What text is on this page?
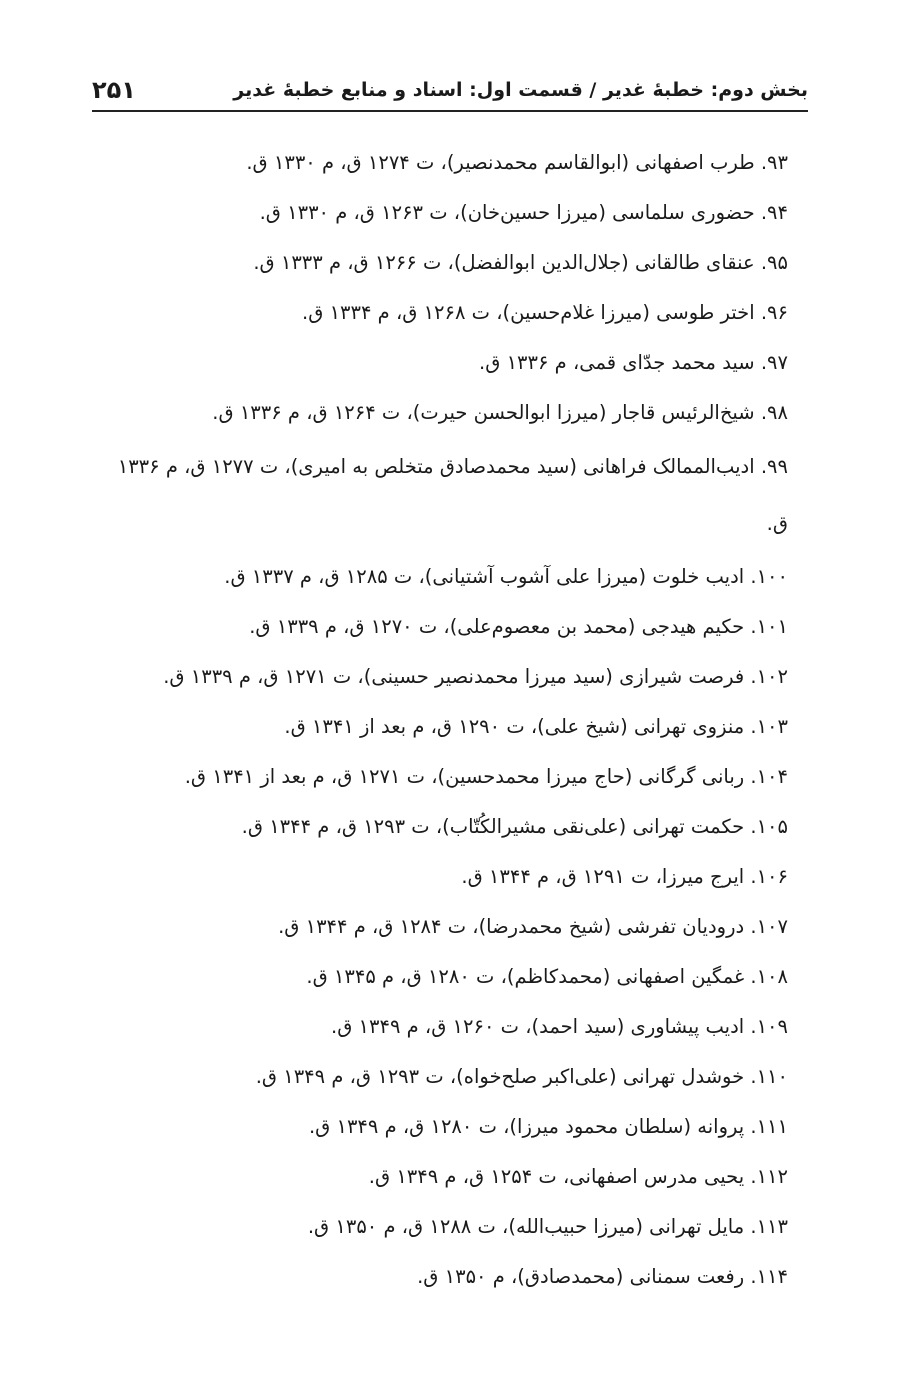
بخش دوم: خطبهٔ غدیر / قسمت اول: اسناد و منابع خطبهٔ غدیر
۲۵۱
۹۳. طرب اصفهانی (ابوالقاسم محمدنصیر)، ت ۱۲۷۴ ق، م ۱۳۳۰ ق.
۹۴. حضوری سلماسی (میرزا حسین‌خان)، ت ۱۲۶۳ ق، م ۱۳۳۰ ق.
۹۵. عنقای طالقانی (جلال‌الدین ابوالفضل)، ت ۱۲۶۶ ق، م ۱۳۳۳ ق.
۹۶. اختر طوسی (میرزا غلام‌حسین)، ت ۱۲۶۸ ق، م ۱۳۳۴ ق.
۹۷. سید محمد جدّای قمی، م ۱۳۳۶ ق.
۹۸. شیخ‌الرئیس قاجار (میرزا ابوالحسن حیرت)، ت ۱۲۶۴ ق، م ۱۳۳۶ ق.
۹۹. ادیب‌الممالک فراهانی (سید محمدصادق متخلص به امیری)، ت ۱۲۷۷ ق، م ۱۳۳۶ ق.
۱۰۰. ادیب خلوت (میرزا علی آشوب آشتیانی)، ت ۱۲۸۵ ق، م ۱۳۳۷ ق.
۱۰۱. حکیم هیدجی (محمد بن معصوم‌علی)، ت ۱۲۷۰ ق، م ۱۳۳۹ ق.
۱۰۲. فرصت شیرازی (سید میرزا محمدنصیر حسینی)، ت ۱۲۷۱ ق، م ۱۳۳۹ ق.
۱۰۳. منزوی تهرانی (شیخ علی)، ت ۱۲۹۰ ق، م بعد از ۱۳۴۱ ق.
۱۰۴. ربانی گرگانی (حاج میرزا محمدحسین)، ت ۱۲۷۱ ق، م بعد از ۱۳۴۱ ق.
۱۰۵. حکمت تهرانی (علی‌نقی مشیرالکُتّاب)، ت ۱۲۹۳ ق، م ۱۳۴۴ ق.
۱۰۶. ایرج میرزا، ت ۱۲۹۱ ق، م ۱۳۴۴ ق.
۱۰۷. درودیان تفرشی (شیخ محمدرضا)، ت ۱۲۸۴ ق، م ۱۳۴۴ ق.
۱۰۸. غمگین اصفهانی (محمدکاظم)، ت ۱۲۸۰ ق، م ۱۳۴۵ ق.
۱۰۹. ادیب پیشاوری (سید احمد)، ت ۱۲۶۰ ق، م ۱۳۴۹ ق.
۱۱۰. خوشدل تهرانی (علی‌اکبر صلح‌خواه)، ت ۱۲۹۳ ق، م ۱۳۴۹ ق.
۱۱۱. پروانه (سلطان محمود میرزا)، ت ۱۲۸۰ ق، م ۱۳۴۹ ق.
۱۱۲. یحیی مدرس اصفهانی، ت ۱۲۵۴ ق، م ۱۳۴۹ ق.
۱۱۳. مایل تهرانی (میرزا حبیب‌الله)، ت ۱۲۸۸ ق، م ۱۳۵۰ ق.
۱۱۴. رفعت سمنانی (محمدصادق)، م ۱۳۵۰ ق.
